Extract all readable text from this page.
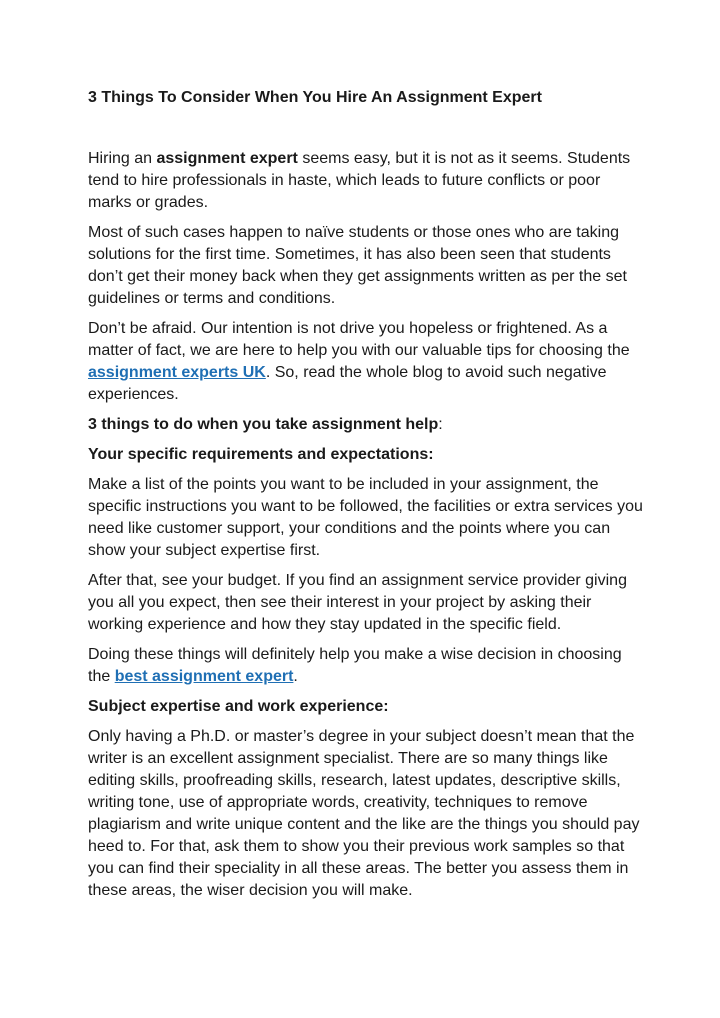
3 Things To Consider When You Hire An Assignment Expert

Hiring an assignment expert seems easy, but it is not as it seems. Students tend to hire professionals in haste, which leads to future conflicts or poor marks or grades.

Most of such cases happen to naïve students or those ones who are taking solutions for the first time. Sometimes, it has also been seen that students don’t get their money back when they get assignments written as per the set guidelines or terms and conditions.

Don’t be afraid. Our intention is not drive you hopeless or frightened. As a matter of fact, we are here to help you with our valuable tips for choosing the assignment experts UK. So, read the whole blog to avoid such negative experiences.

3 things to do when you take assignment help:

Your specific requirements and expectations:

Make a list of the points you want to be included in your assignment, the specific instructions you want to be followed, the facilities or extra services you need like customer support, your conditions and the points where you can show your subject expertise first.

After that, see your budget. If you find an assignment service provider giving you all you expect, then see their interest in your project by asking their working experience and how they stay updated in the specific field.

Doing these things will definitely help you make a wise decision in choosing the best assignment expert.

Subject expertise and work experience:

Only having a Ph.D. or master’s degree in your subject doesn’t mean that the writer is an excellent assignment specialist. There are so many things like editing skills, proofreading skills, research, latest updates, descriptive skills, writing tone, use of appropriate words, creativity, techniques to remove plagiarism and write unique content and the like are the things you should pay heed to. For that, ask them to show you their previous work samples so that you can find their speciality in all these areas. The better you assess them in these areas, the wiser decision you will make.
